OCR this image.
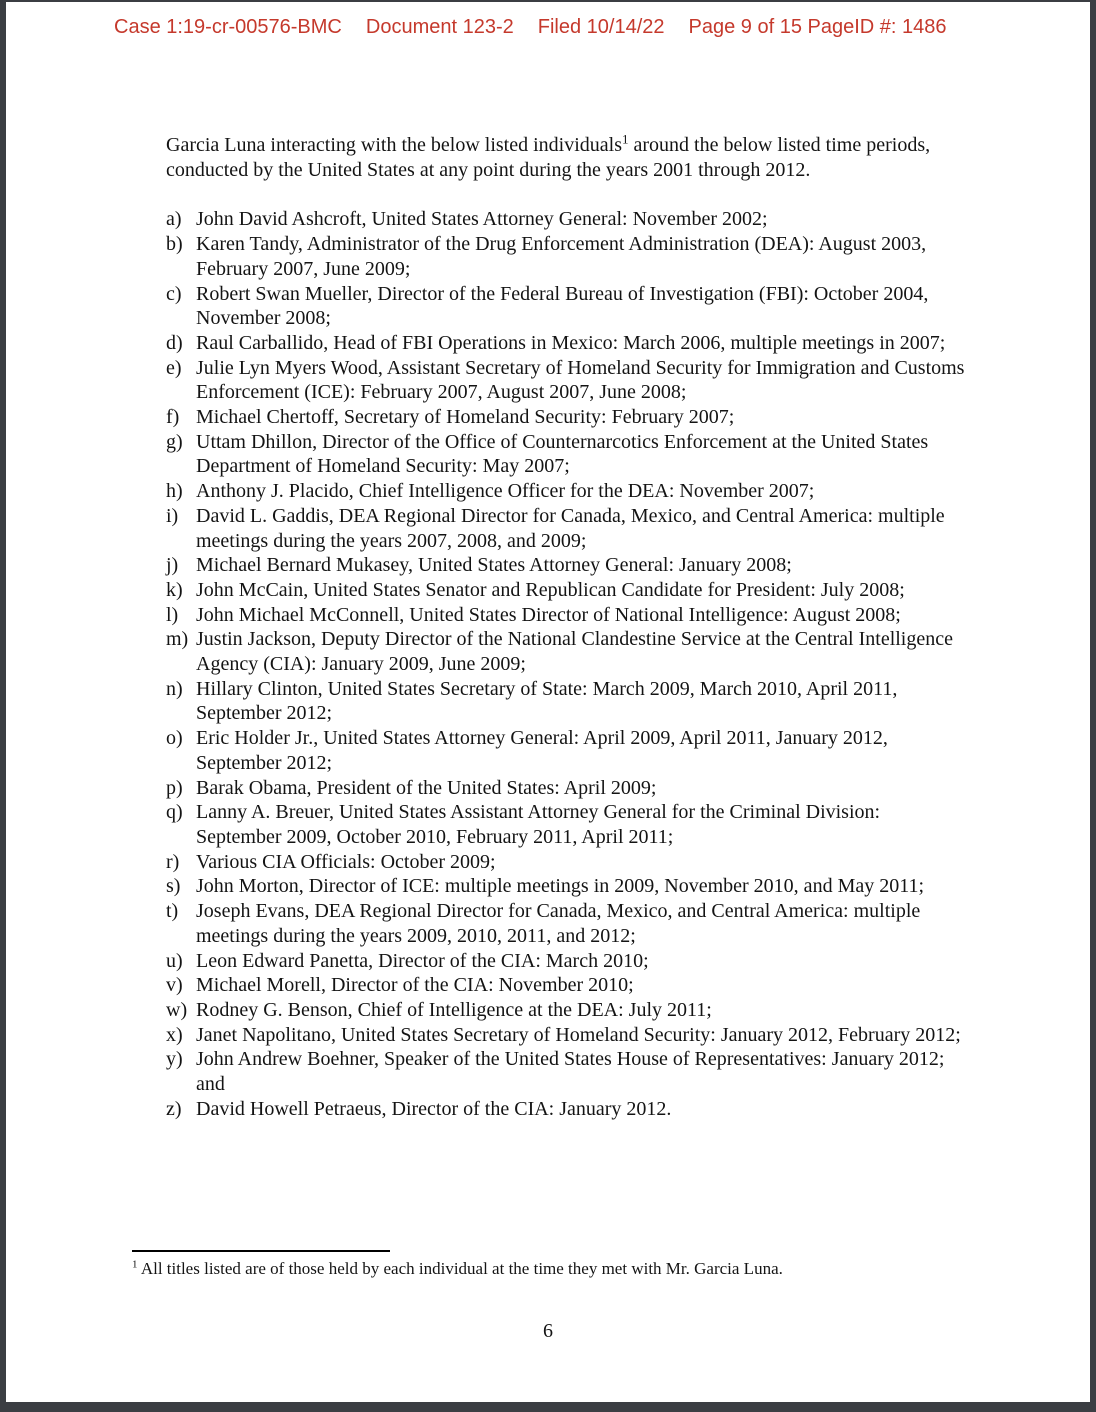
Case 1:19-cr-00576-BMC Document 123-2 Filed 10/14/22 Page 9 of 15 PageID #: 1486

Garcia Luna interacting with the below listed individuals$^1$ around the below listed time periods, conducted by the United States at any point during the years 2001 through 2012.

a) John David Ashcroft, United States Attorney General: November 2002;
b) Karen Tandy, Administrator of the Drug Enforcement Administration (DEA): August 2003, February 2007, June 2009;
c) Robert Swan Mueller, Director of the Federal Bureau of Investigation (FBI): October 2004, November 2008;
d) Raul Carballido, Head of FBI Operations in Mexico: March 2006, multiple meetings in 2007;
e) Julie Lyn Myers Wood, Assistant Secretary of Homeland Security for Immigration and Customs Enforcement (ICE): February 2007, August 2007, June 2008;
f) Michael Chertoff, Secretary of Homeland Security: February 2007;
g) Uttam Dhillon, Director of the Office of Counternarcotics Enforcement at the United States Department of Homeland Security: May 2007;
h) Anthony J. Placido, Chief Intelligence Officer for the DEA: November 2007;
i) David L. Gaddis, DEA Regional Director for Canada, Mexico, and Central America: multiple meetings during the years 2007, 2008, and 2009;
j) Michael Bernard Mukasey, United States Attorney General: January 2008;
k) John McCain, United States Senator and Republican Candidate for President: July 2008;
l) John Michael McConnell, United States Director of National Intelligence: August 2008;
m) Justin Jackson, Deputy Director of the National Clandestine Service at the Central Intelligence Agency (CIA): January 2009, June 2009;
n) Hillary Clinton, United States Secretary of State: March 2009, March 2010, April 2011, September 2012;
o) Eric Holder Jr., United States Attorney General: April 2009, April 2011, January 2012, September 2012;
p) Barak Obama, President of the United States: April 2009;
q) Lanny A. Breuer, United States Assistant Attorney General for the Criminal Division: September 2009, October 2010, February 2011, April 2011;
r) Various CIA Officials: October 2009;
s) John Morton, Director of ICE: multiple meetings in 2009, November 2010, and May 2011;
t) Joseph Evans, DEA Regional Director for Canada, Mexico, and Central America: multiple meetings during the years 2009, 2010, 2011, and 2012;
u) Leon Edward Panetta, Director of the CIA: March 2010;
v) Michael Morell, Director of the CIA: November 2010;
w) Rodney G. Benson, Chief of Intelligence at the DEA: July 2011;
x) Janet Napolitano, United States Secretary of Homeland Security: January 2012, February 2012;
y) John Andrew Boehner, Speaker of the United States House of Representatives: January 2012; and
z) David Howell Petraeus, Director of the CIA: January 2012.

$^1$ All titles listed are of those held by each individual at the time they met with Mr. Garcia Luna.

6
